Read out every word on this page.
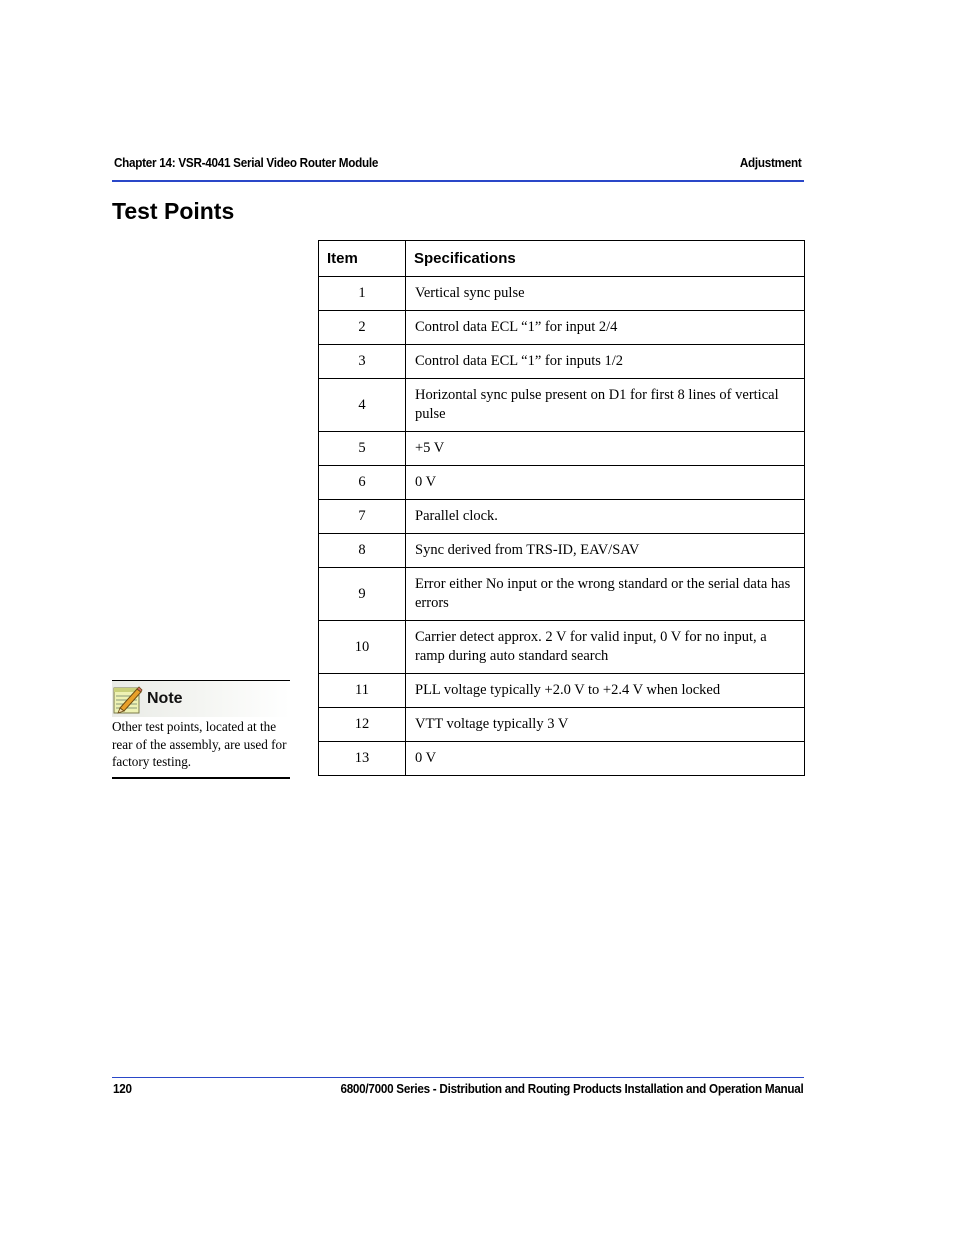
Chapter 14: VSR-4041 Serial Video Router Module	Adjustment
Test Points
Item	Specifications
1	Vertical sync pulse
2	Control data ECL “1” for input 2/4
3	Control data ECL “1” for inputs 1/2
4	Horizontal sync pulse present on D1 for first 8 lines of vertical pulse
5	+5 V
6	0 V
7	Parallel clock.
8	Sync derived from TRS-ID, EAV/SAV
9	Error either No input or the wrong standard or the serial data has errors
10	Carrier detect approx. 2 V for valid input, 0 V for no input, a ramp during auto standard search
11	PLL voltage typically +2.0 V to +2.4 V when locked
12	VTT voltage typically 3 V
13	0 V
Note
Other test points, located at the rear of the assembly, are used for factory testing.
120	6800/7000 Series - Distribution and Routing Products Installation and Operation Manual
